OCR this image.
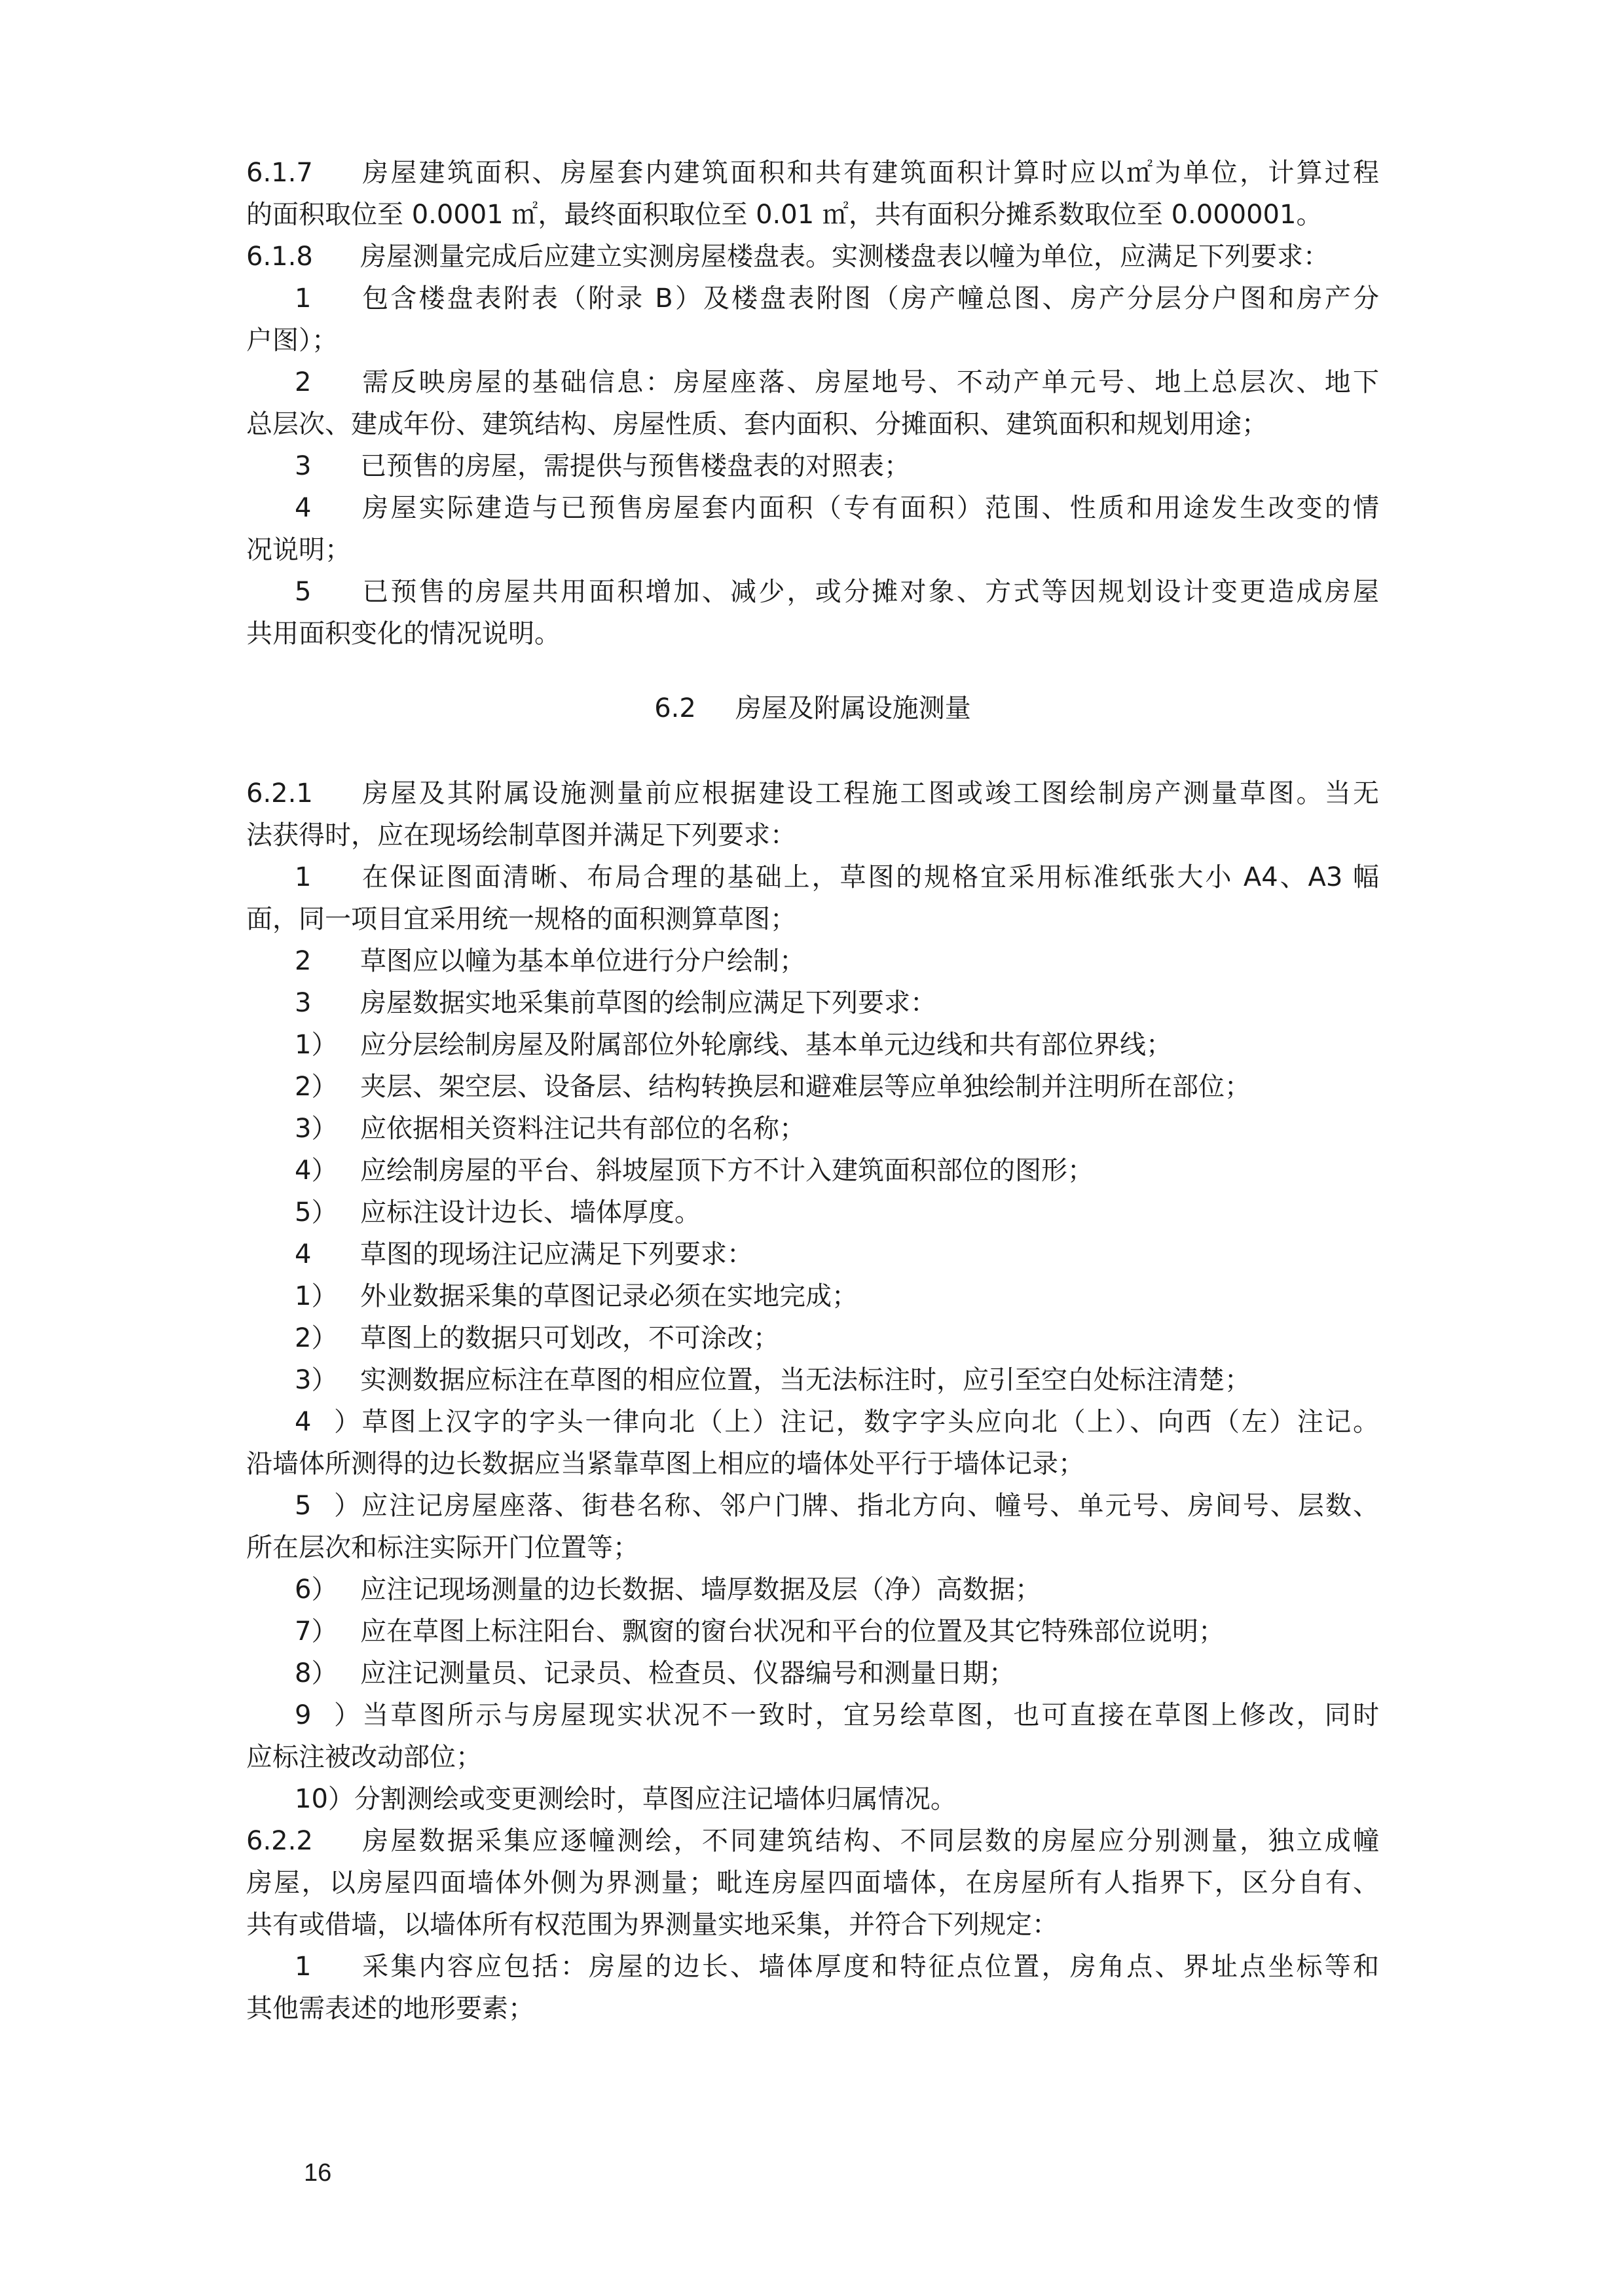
6.1.7 房屋建筑面积、房屋套内建筑面积和共有建筑面积计算时应以㎡为单位，计算过程
的面积取位至 0.0001 ㎡，最终面积取位至 0.01 ㎡，共有面积分摊系数取位至 0.000001。
6.1.8 房屋测量完成后应建立实测房屋楼盘表。实测楼盘表以幢为单位，应满足下列要求：
1 包含楼盘表附表（附录 B）及楼盘表附图（房产幢总图、房产分层分户图和房产分
户图）；
2 需反映房屋的基础信息：房屋座落、房屋地号、不动产单元号、地上总层次、地下
总层次、建成年份、建筑结构、房屋性质、套内面积、分摊面积、建筑面积和规划用途；
3 已预售的房屋，需提供与预售楼盘表的对照表；
4 房屋实际建造与已预售房屋套内面积（专有面积）范围、性质和用途发生改变的情
况说明；
5 已预售的房屋共用面积增加、减少，或分摊对象、方式等因规划设计变更造成房屋
共用面积变化的情况说明。
6.2 房屋及附属设施测量
6.2.1 房屋及其附属设施测量前应根据建设工程施工图或竣工图绘制房产测量草图。当无
法获得时，应在现场绘制草图并满足下列要求：
1 在保证图面清晰、布局合理的基础上，草图的规格宜采用标准纸张大小 A4、A3 幅
面，同一项目宜采用统一规格的面积测算草图；
2 草图应以幢为基本单位进行分户绘制；
3 房屋数据实地采集前草图的绘制应满足下列要求：
1） 应分层绘制房屋及附属部位外轮廓线、基本单元边线和共有部位界线；
2） 夹层、架空层、设备层、结构转换层和避难层等应单独绘制并注明所在部位；
3） 应依据相关资料注记共有部位的名称；
4） 应绘制房屋的平台、斜坡屋顶下方不计入建筑面积部位的图形；
5） 应标注设计边长、墙体厚度。
4 草图的现场注记应满足下列要求：
1） 外业数据采集的草图记录必须在实地完成；
2） 草图上的数据只可划改，不可涂改；
3） 实测数据应标注在草图的相应位置，当无法标注时，应引至空白处标注清楚；
4）草图上汉字的字头一律向北（上）注记，数字字头应向北（上）、向西（左）注记。
沿墙体所测得的边长数据应当紧靠草图上相应的墙体处平行于墙体记录；
5）应注记房屋座落、街巷名称、邻户门牌、指北方向、幢号、单元号、房间号、层数、
所在层次和标注实际开门位置等；
6） 应注记现场测量的边长数据、墙厚数据及层（净）高数据；
7） 应在草图上标注阳台、飘窗的窗台状况和平台的位置及其它特殊部位说明；
8） 应注记测量员、记录员、检查员、仪器编号和测量日期；
9）当草图所示与房屋现实状况不一致时，宜另绘草图，也可直接在草图上修改，同时
应标注被改动部位；
10）分割测绘或变更测绘时，草图应注记墙体归属情况。
6.2.2 房屋数据采集应逐幢测绘，不同建筑结构、不同层数的房屋应分别测量，独立成幢
房屋，以房屋四面墙体外侧为界测量；毗连房屋四面墙体，在房屋所有人指界下，区分自有、
共有或借墙，以墙体所有权范围为界测量实地采集，并符合下列规定：
1 采集内容应包括：房屋的边长、墙体厚度和特征点位置，房角点、界址点坐标等和
其他需表述的地形要素；
16
